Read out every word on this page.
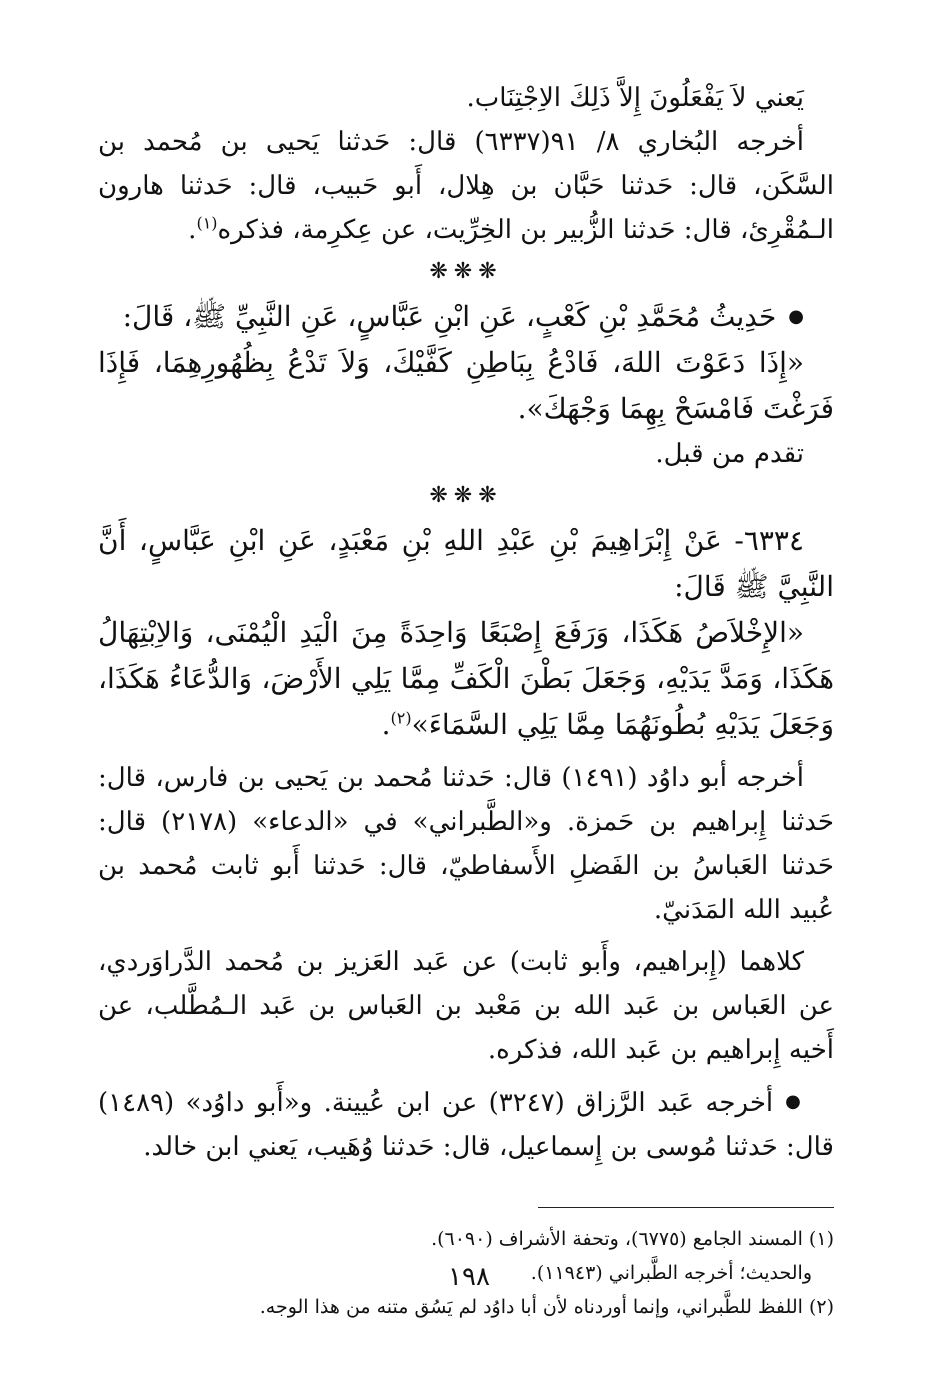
يَعني لاَ يَفْعَلُونَ إِلاَّ ذَلِكَ الاِجْتِنَاب.

أخرجه البُخاري ٨/ ٩١(٦٣٣٧) قال: حَدثنا يَحيى بن مُحمد بن السَّكَن، قال: حَدثنا حَبَّان بن هِلال، أَبو حَبيب، قال: حَدثنا هارون الـمُقْرِئ، قال: حَدثنا الزُّبير بن الخِرِّيت، عن عِكرِمة، فذكره$^{(١)}$.

❋❋❋

●حَدِيثُ مُحَمَّدِ بْنِ كَعْبٍ، عَنِ ابْنِ عَبَّاسٍ، عَنِ النَّبِيِّ ﷺ، قَالَ:

«إِذَا دَعَوْتَ اللهَ، فَادْعُ بِبَاطِنِ كَفَّيْكَ، وَلاَ تَدْعُ بِظُهُورِهِمَا، فَإِذَا فَرَغْتَ فَامْسَحْ بِهِمَا وَجْهَكَ».

تقدم من قبل.

❋❋❋

٦٣٣٤- عَنْ إِبْرَاهِيمَ بْنِ عَبْدِ اللهِ بْنِ مَعْبَدٍ، عَنِ ابْنِ عَبَّاسٍ، أَنَّ النَّبِيَّ ﷺ قَالَ:

«الإِخْلاَصُ هَكَذَا، وَرَفَعَ إِصْبَعًا وَاحِدَةً مِنَ الْيَدِ الْيُمْنَى، وَالاِبْتِهَالُ هَكَذَا، وَمَدَّ يَدَيْهِ، وَجَعَلَ بَطْنَ الْكَفِّ مِمَّا يَلِي الأَرْضَ، وَالدُّعَاءُ هَكَذَا، وَجَعَلَ يَدَيْهِ بُطُونَهُمَا مِمَّا يَلِي السَّمَاءَ»$^{(٢)}$.

أخرجه أبو داوُد (١٤٩١) قال: حَدثنا مُحمد بن يَحيى بن فارس، قال: حَدثنا إِبراهيم بن حَمزة. و«الطَّبراني» في «الدعاء» (٢١٧٨) قال: حَدثنا العَباسُ بن الفَضلِ الأَسفاطيّ، قال: حَدثنا أَبو ثابت مُحمد بن عُبيد الله المَدَنيّ.

كلاهما (إِبراهيم، وأَبو ثابت) عن عَبد العَزيز بن مُحمد الدَّراوَردي، عن العَباس بن عَبد الله بن مَعْبد بن العَباس بن عَبد الـمُطَّلب، عن أَخيه إِبراهيم بن عَبد الله، فذكره.

●أخرجه عَبد الرَّزاق (٣٢٤٧) عن ابن عُيينة. و«أَبو داوُد» (١٤٨٩) قال: حَدثنا مُوسى بن إِسماعيل، قال: حَدثنا وُهَيب، يَعني ابن خالد.

(١) المسند الجامع (٦٧٧٥)، وتحفة الأشراف (٦٠٩٠).

والحديث؛ أخرجه الطَّبراني (١١٩٤٣).

(٢) اللفظ للطَّبراني، وإنما أوردناه لأن أبا داوُد لم يَسُق متنه من هذا الوجه.

١٩٨
